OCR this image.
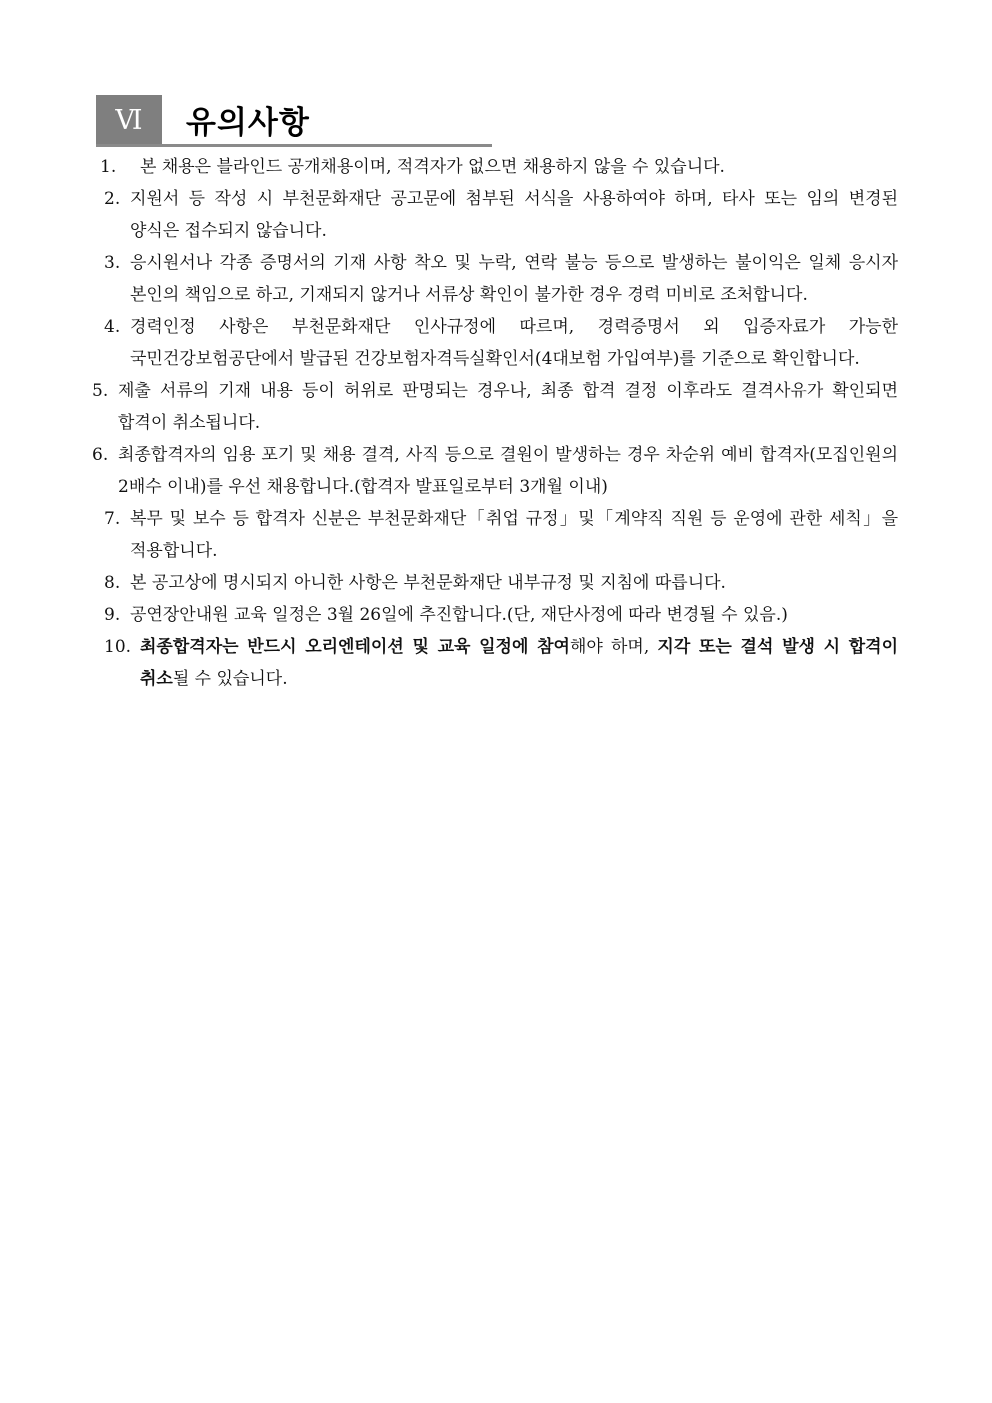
Ⅵ	유의사항
1.	본 채용은 블라인드 공개채용이며, 적격자가 없으면 채용하지 않을 수 있습니다.
2. 지원서 등 작성 시 부천문화재단 공고문에 첨부된 서식을 사용하여야 하며, 타사 또는 임의 변경된 양식은 접수되지 않습니다.
3. 응시원서나 각종 증명서의 기재 사항 착오 및 누락, 연락 불능 등으로 발생하는 불이익은 일체 응시자 본인의 책임으로 하고, 기재되지 않거나 서류상 확인이 불가한 경우 경력 미비로 조처합니다.
4. 경력인정 사항은 부천문화재단 인사규정에 따르며, 경력증명서 외 입증자료가 가능한 국민건강보험공단에서 발급된 건강보험자격득실확인서(4대보험 가입여부)를 기준으로 확인합니다.
5. 제출 서류의 기재 내용 등이 허위로 판명되는 경우나, 최종 합격 결정 이후라도 결격사유가 확인되면 합격이 취소됩니다.
6. 최종합격자의 임용 포기 및 채용 결격, 사직 등으로 결원이 발생하는 경우 차순위 예비 합격자(모집인원의 2배수 이내)를 우선 채용합니다.(합격자 발표일로부터 3개월 이내)
7. 복무 및 보수 등 합격자 신분은 부천문화재단「취업 규정」및「계약직 직원 등 운영에 관한 세칙」을 적용합니다.
8. 본 공고상에 명시되지 아니한 사항은 부천문화재단 내부규정 및 지침에 따릅니다.
9. 공연장안내원 교육 일정은 3월 26일에 추진합니다.(단, 재단사정에 따라 변경될 수 있음.)
10. 최종합격자는 반드시 오리엔테이션 및 교육 일정에 참여해야 하며, 지각 또는 결석 발생 시 합격이 취소될 수 있습니다.
